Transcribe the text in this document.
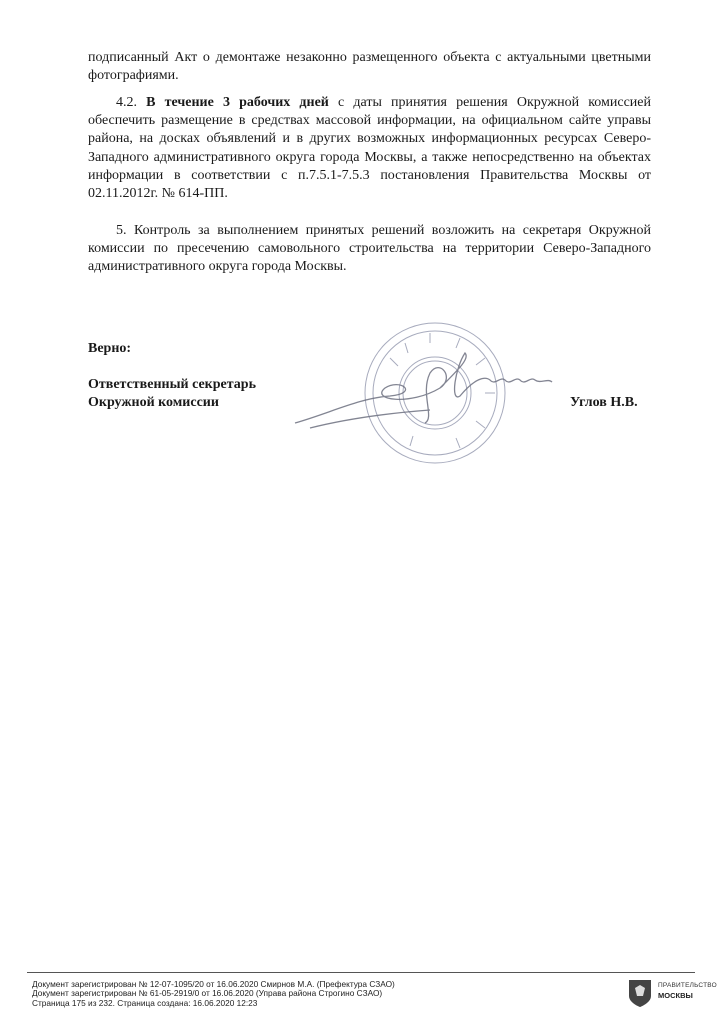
подписанный Акт о демонтаже незаконно размещенного объекта с актуальными цветными фотографиями.

4.2. В течение 3 рабочих дней с даты принятия решения Окружной комиссией обеспечить размещение в средствах массовой информации, на официальном сайте управы района, на досках объявлений и в других возможных информационных ресурсах Северо-Западного административного округа города Москвы, а также непосредственно на объектах информации в соответствии с п.7.5.1-7.5.3 постановления Правительства Москвы от 02.11.2012г. № 614-ПП.

5. Контроль за выполнением принятых решений возложить на секретаря Окружной комиссии по пресечению самовольного строительства на территории Северо-Западного административного округа города Москвы.

Верно:
Ответственный секретарь
Окружной комиссии	Углов Н.В.
Документ зарегистрирован № 12-07-1095/20 от 16.06.2020 Смирнов М.А. (Префектура СЗАО)
Документ зарегистрирован № 61-05-2919/0 от 16.06.2020 (Управа района Строгино СЗАО)
Страница 175 из 232. Страница создана: 16.06.2020 12:23
ПРАВИТЕЛЬСТВО
МОСКВЫ
